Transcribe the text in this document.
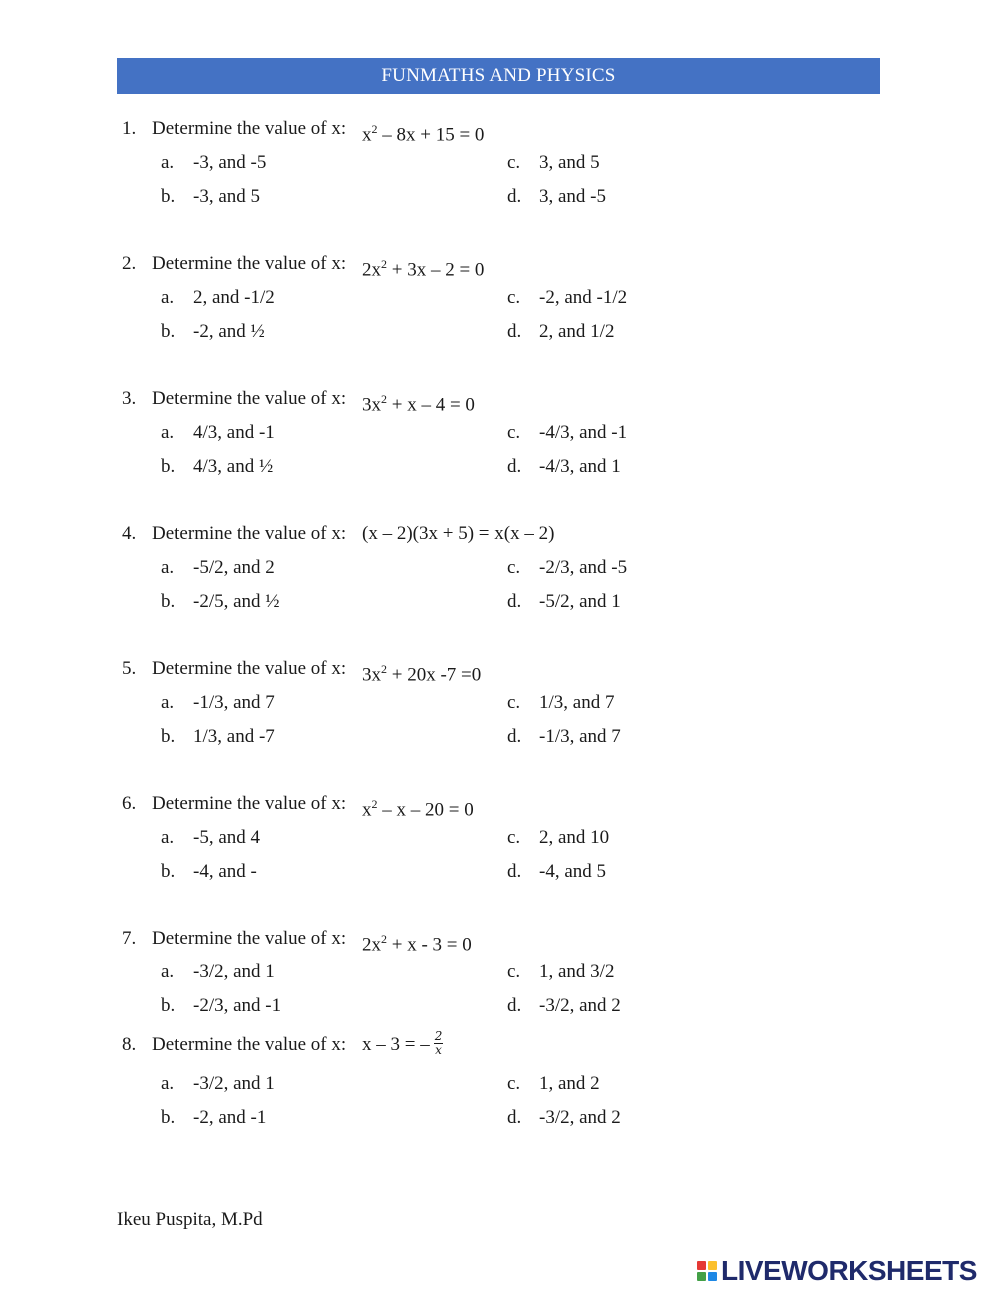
FUNMATHS AND PHYSICS
1. Determine the value of x: $x^2 - 8x + 15 = 0$
a. -3, and -5
b. -3, and 5
c. 3, and 5
d. 3, and -5
2. Determine the value of x: $2x^2 + 3x - 2 = 0$
a. 2, and -1/2
b. -2, and ½
c. -2, and -1/2
d. 2, and 1/2
3. Determine the value of x: $3x^2 + x - 4 = 0$
a. 4/3, and -1
b. 4/3, and ½
c. -4/3, and -1
d. -4/3, and 1
4. Determine the value of x: (x – 2)(3x + 5) = x(x – 2)
a. -5/2, and 2
b. -2/5, and ½
c. -2/3, and -5
d. -5/2, and 1
5. Determine the value of x: $3x^2 + 20x$ -7 =0
a. -1/3, and 7
b. 1/3, and -7
c. 1/3, and 7
d. -1/3, and 7
6. Determine the value of x: $x^2 - x - 20 = 0$
a. -5, and 4
b. -4, and -
c. 2, and 10
d. -4, and 5
7. Determine the value of x: $2x^2 + x - 3 = 0$
a. -3/2, and 1
b. -2/3, and -1
c. 1, and 3/2
d. -3/2, and 2
8. Determine the value of x: x – 3 = – $\frac{2}{x}$
a. -3/2, and 1
b. -2, and -1
c. 1, and 2
d. -3/2, and 2
Ikeu Puspita, M.Pd
LIVEWORKSHEETS
